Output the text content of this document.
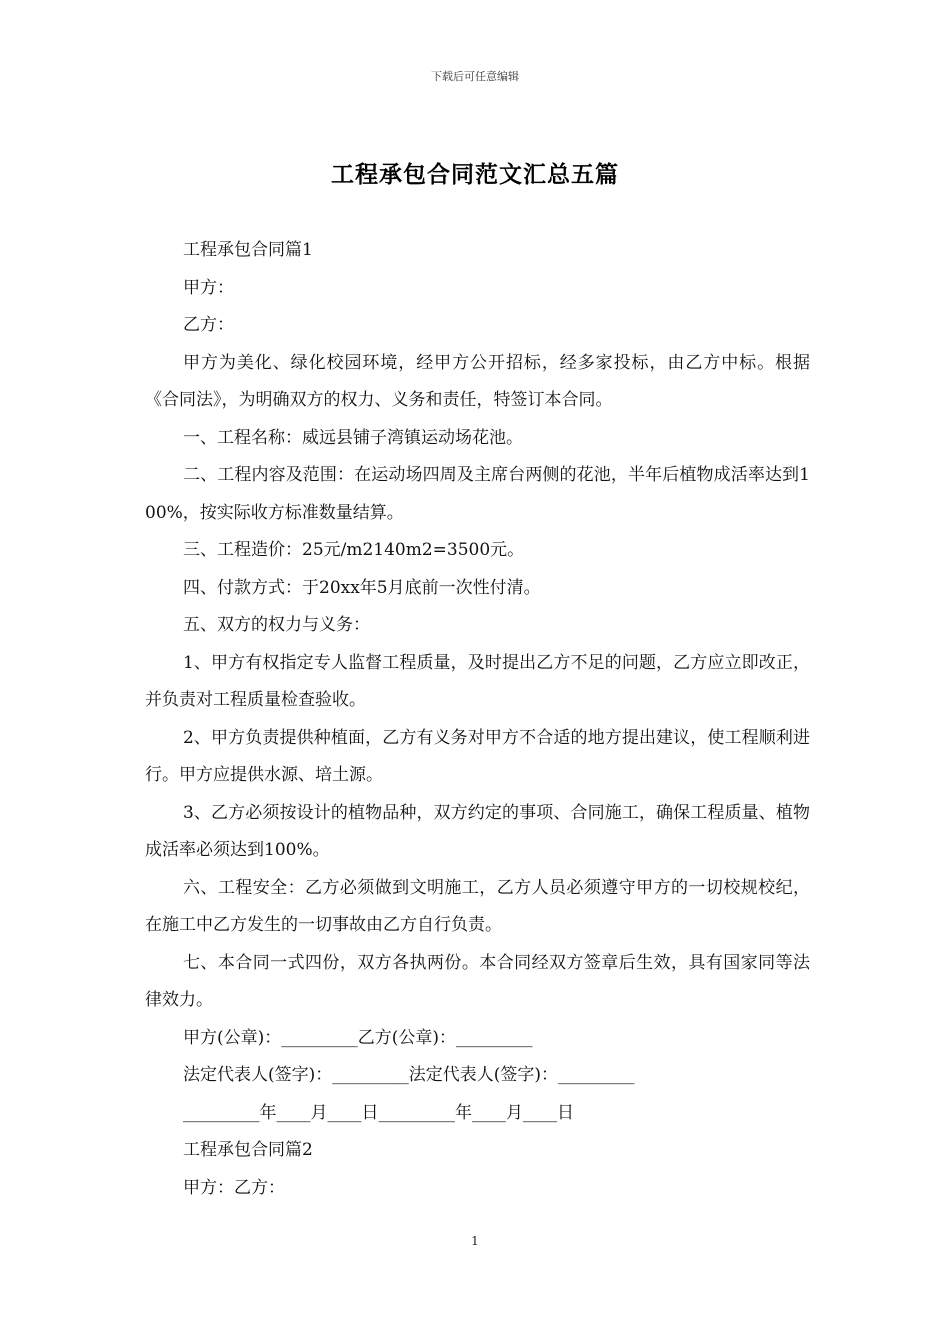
下载后可任意编辑
工程承包合同范文汇总五篇

工程承包合同篇1

甲方：

乙方：

甲方为美化、绿化校园环境，经甲方公开招标，经多家投标，由乙方中标。根据《合同法》，为明确双方的权力、义务和责任，特签订本合同。

一、工程名称：威远县铺子湾镇运动场花池。

二、工程内容及范围：在运动场四周及主席台两侧的花池，半年后植物成活率达到100%，按实际收方标准数量结算。

三、工程造价：25元/m2140m2=3500元。

四、付款方式：于20xx年5月底前一次性付清。

五、双方的权力与义务：

1、甲方有权指定专人监督工程质量，及时提出乙方不足的问题，乙方应立即改正，并负责对工程质量检查验收。

2、甲方负责提供种植面，乙方有义务对甲方不合适的地方提出建议，使工程顺利进行。甲方应提供水源、培土源。

3、乙方必须按设计的植物品种，双方约定的事项、合同施工，确保工程质量、植物成活率必须达到100%。

六、工程安全：乙方必须做到文明施工，乙方人员必须遵守甲方的一切校规校纪，在施工中乙方发生的一切事故由乙方自行负责。

七、本合同一式四份，双方各执两份。本合同经双方签章后生效，具有国家同等法律效力。

甲方(公章)：_________乙方(公章)：_________

法定代表人(签字)：_________法定代表人(签字)：_________

_________年____月____日_________年____月____日

工程承包合同篇2

甲方：乙方：

1
